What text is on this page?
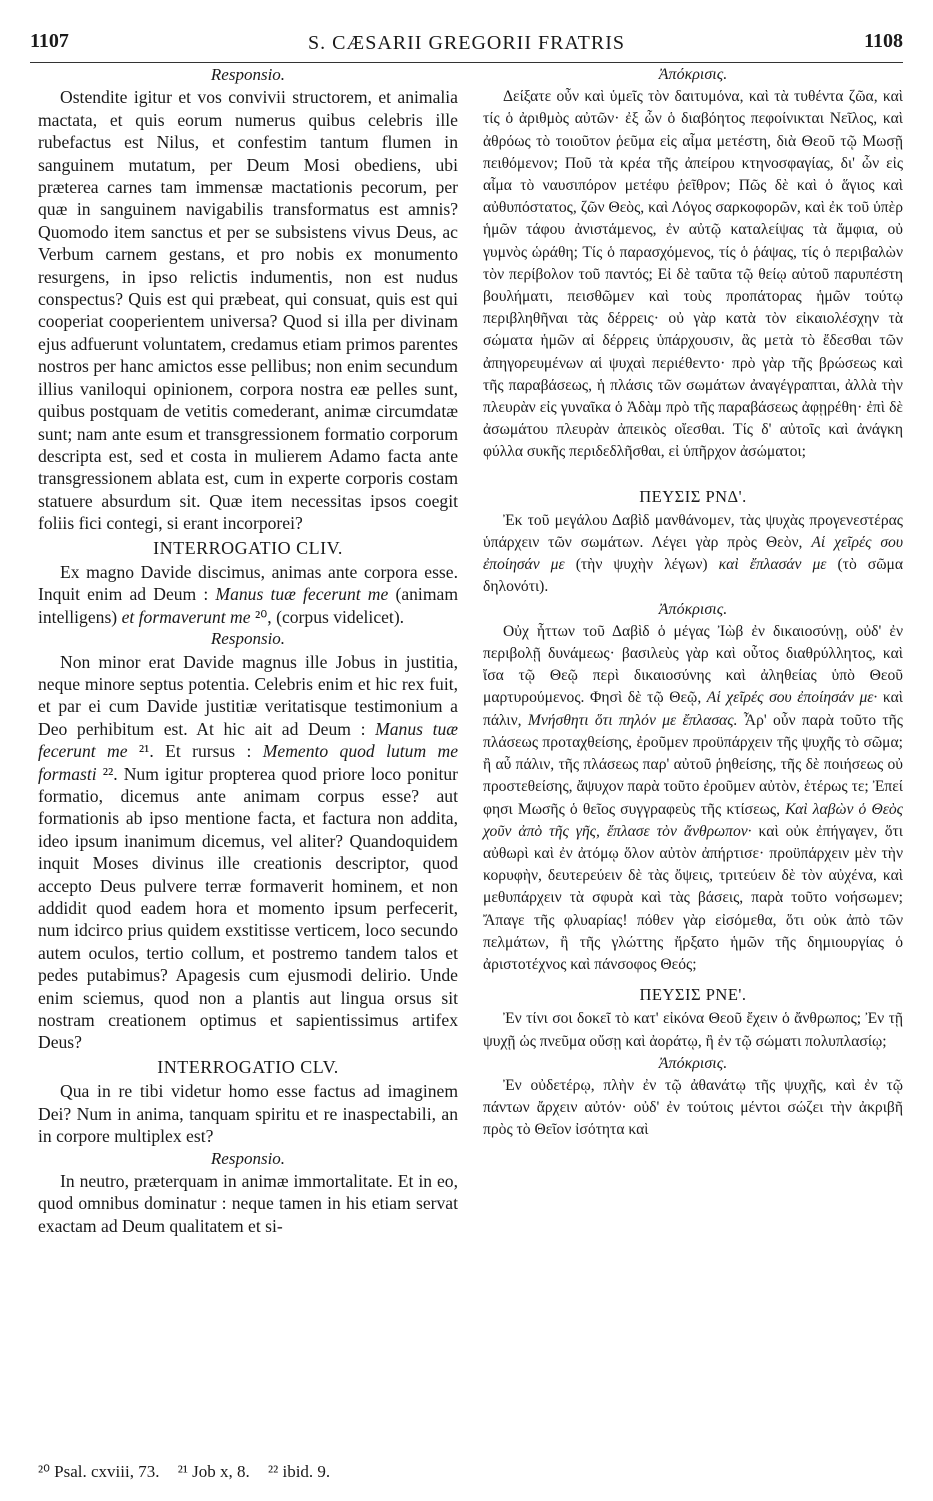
1107	S. CÆSARII GREGORII FRATRIS	1108

Responsio.

Ostendite igitur et vos convivii structorem, et animalia mactata, et quis eorum numerus quibus celebris ille rubefactus est Nilus, et confestim tantum flumen in sanguinem mutatum, per Deum Mosi obediens, ubi præterea carnes tam immensæ mactationis pecorum, per quæ in sanguinem navigabilis transformatus est amnis? Quomodo item sanctus et per se subsistens vivus Deus, ac Verbum carnem gestans, et pro nobis ex monumento resurgens, in ipso relictis indumentis, non est nudus conspectus? Quis est qui præbeat, qui consuat, quis est qui cooperiat cooperientem universa? Quod si illa per divinam ejus adfuerunt voluntatem, credamus etiam primos parentes nostros per hanc amictos esse pellibus; non enim secundum illius vaniloqui opinionem, corpora nostra eæ pelles sunt, quibus postquam de vetitis comederant, animæ circumdatæ sunt; nam ante esum et transgressionem formatio corporum descripta est, sed et costa in mulierem Adamo facta ante transgressionem ablata est, cum in experte corporis costam statuere absurdum sit. Quæ item necessitas ipsos coegit foliis fici contegi, si erant incorporei?

INTERROGATIO CLIV.

Ex magno Davide discimus, animas ante corpora esse. Inquit enim ad Deum : Manus tuæ fecerunt me (animam intelligens) et formaverunt me ²⁰, (corpus videlicet).

Responsio.

Non minor erat Davide magnus ille Jobus in justitia, neque minore septus potentia. Celebris enim et hic rex fuit, et par ei cum Davide justitiæ veritatisque testimonium a Deo perhibitum est. At hic ait ad Deum : Manus tuæ fecerunt me ²¹. Et rursus : Memento quod lutum me formasti ²². Num igitur propterea quod priore loco ponitur formatio, dicemus ante animam corpus esse? aut formationis ab ipso mentione facta, et factura non addita, ideo ipsum inanimum dicemus, vel aliter? Quandoquidem inquit Moses divinus ille creationis descriptor, quod accepto Deus pulvere terræ formaverit hominem, et non addidit quod eadem hora et momento ipsum perfecerit, num idcirco prius quidem exstitisse verticem, loco secundo autem oculos, tertio collum, et postremo tandem talos et pedes putabimus? Apagesis cum ejusmodi delirio. Unde enim sciemus, quod non a plantis aut lingua orsus sit nostram creationem optimus et sapientissimus artifex Deus?

INTERROGATIO CLV.

Qua in re tibi videtur homo esse factus ad imaginem Dei? Num in anima, tanquam spiritu et re inaspectabili, an in corpore multiplex est?

Responsio.

In neutro, præterquam in animæ immortalitate. Et in eo, quod omnibus dominatur : neque tamen in his etiam servat exactam ad Deum qualitatem et si-

Ἀπόκρισις.

Δείξατε οὖν καὶ ὑμεῖς τὸν δαιτυμόνα, καὶ τὰ τυθέντα ζῶα, καὶ τίς ὁ ἀριθμὸς αὐτῶν· ἐξ ὧν ὁ διαβόητος πεφοίνικται Νεῖλος, καὶ ἀθρόως τὸ τοιοῦτον ῥεῦμα εἰς αἷμα μετέστη, διὰ Θεοῦ τῷ Μωσῇ πειθόμενον; Ποῦ τὰ κρέα τῆς ἀπείρου κτηνοσφαγίας, δι' ὧν εἰς αἷμα τὸ ναυσιπόρον μετέφυ ῥεῖθρον; Πῶς δὲ καὶ ὁ ἅγιος καὶ αὐθυπόστατος, ζῶν Θεὸς, καὶ Λόγος σαρκοφορῶν, καὶ ἐκ τοῦ ὑπὲρ ἡμῶν τάφου ἀνιστάμενος, ἐν αὐτῷ καταλείψας τὰ ἄμφια, οὐ γυμνὸς ὡράθη; Τίς ὁ παρασχόμενος, τίς ὁ ῥάψας, τίς ὁ περιβαλὼν τὸν περίβολον τοῦ παντός; Εἰ δὲ ταῦτα τῷ θείῳ αὐτοῦ παρυπέστη βουλήματι, πεισθῶμεν καὶ τοὺς προπάτορας ἡμῶν τούτῳ περιβληθῆναι τὰς δέρρεις· οὐ γὰρ κατὰ τὸν εἰκαιολέσχην τὰ σώματα ἡμῶν αἱ δέρρεις ὑπάρχουσιν, ἃς μετὰ τὸ ἔδεσθαι τῶν ἀπηγορευμένων αἱ ψυχαὶ περιέθεντο· πρὸ γὰρ τῆς βρώσεως καὶ τῆς παραβάσεως, ἡ πλάσις τῶν σωμάτων ἀναγέγραπται, ἀλλὰ τὴν πλευρὰν εἰς γυναῖκα ὁ Ἀδὰμ πρὸ τῆς παραβάσεως ἀφῃρέθη· ἐπὶ δὲ ἀσωμάτου πλευρὰν ἀπεικὸς οἴεσθαι. Τίς δ' αὐτοῖς καὶ ἀνάγκη φύλλα συκῆς περιδεδλῆσθαι, εἰ ὑπῆρχον ἀσώματοι;

ΠΕΥΣΙΣ ΡΝΔ'.

Ἐκ τοῦ μεγάλου Δαβὶδ μανθάνομεν, τὰς ψυχὰς προγενεστέρας ὑπάρχειν τῶν σωμάτων. Λέγει γὰρ πρὸς Θεὸν, Αἱ χεῖρές σου ἐποίησάν με (τὴν ψυχὴν λέγων) καὶ ἔπλασάν με (τὸ σῶμα δηλονότι).

Ἀπόκρισις.

Οὐχ ἧττων τοῦ Δαβὶδ ὁ μέγας Ἰὼβ ἐν δικαιοσύνῃ, οὐδ' ἐν περιβολῇ δυνάμεως· βασιλεὺς γὰρ καὶ οὗτος διαθρύλλητος, καὶ ἴσα τῷ Θεῷ περὶ δικαιοσύνης καὶ ἀληθείας ὑπὸ Θεοῦ μαρτυρούμενος. Φησὶ δὲ τῷ Θεῷ, Αἱ χεῖρές σου ἐποίησάν με· καὶ πάλιν, Μνήσθητι ὅτι πηλόν με ἔπλασας. Ἆρ' οὖν παρὰ τοῦτο τῆς πλάσεως προταχθείσης, ἐροῦμεν προϋπάρχειν τῆς ψυχῆς τὸ σῶμα; ἢ αὖ πάλιν, τῆς πλάσεως παρ' αὐτοῦ ῥηθείσης, τῆς δὲ ποιήσεως οὐ προστεθείσης, ἄψυχον παρὰ τοῦτο ἐροῦμεν αὐτὸν, ἑτέρως τε; Ἐπεί φησι Μωσῆς ὁ θεῖος συγγραφεὺς τῆς κτίσεως, Καὶ λαβὼν ὁ Θεὸς χοῦν ἀπὸ τῆς γῆς, ἔπλασε τὸν ἄνθρωπον· καὶ οὐκ ἐπήγαγεν, ὅτι αὐθωρὶ καὶ ἐν ἀτόμῳ ὅλον αὐτὸν ἀπήρτισε· προϋπάρχειν μὲν τὴν κορυφὴν, δευτερεύειν δὲ τὰς ὄψεις, τριτεύειν δὲ τὸν αὐχένα, καὶ μεθυπάρχειν τὰ σφυρὰ καὶ τὰς βάσεις, παρὰ τοῦτο νοήσωμεν; Ἄπαγε τῆς φλυαρίας! πόθεν γὰρ εἰσόμεθα, ὅτι οὐκ ἀπὸ τῶν πελμάτων, ἢ τῆς γλώττης ἤρξατο ἡμῶν τῆς δημιουργίας ὁ ἀριστοτέχνος καὶ πάνσοφος Θεός;

ΠΕΥΣΙΣ ΡΝΕ'.

Ἐν τίνι σοι δοκεῖ τὸ κατ' εἰκόνα Θεοῦ ἔχειν ὁ ἄνθρωπος; Ἐν τῇ ψυχῇ ὡς πνεῦμα οὔσῃ καὶ ἀοράτῳ, ἢ ἐν τῷ σώματι πολυπλασίῳ;

Ἀπόκρισις.

Ἐν οὐδετέρῳ, πλὴν ἐν τῷ ἀθανάτῳ τῆς ψυχῆς, καὶ ἐν τῷ πάντων ἄρχειν αὐτόν· οὐδ' ἐν τούτοις μέντοι σώζει τὴν ἀκριβῆ πρὸς τὸ Θεῖον ἰσότητα καὶ

²⁰ Psal. cxviii, 73. ²¹ Job x, 8. ²² ibid. 9.
